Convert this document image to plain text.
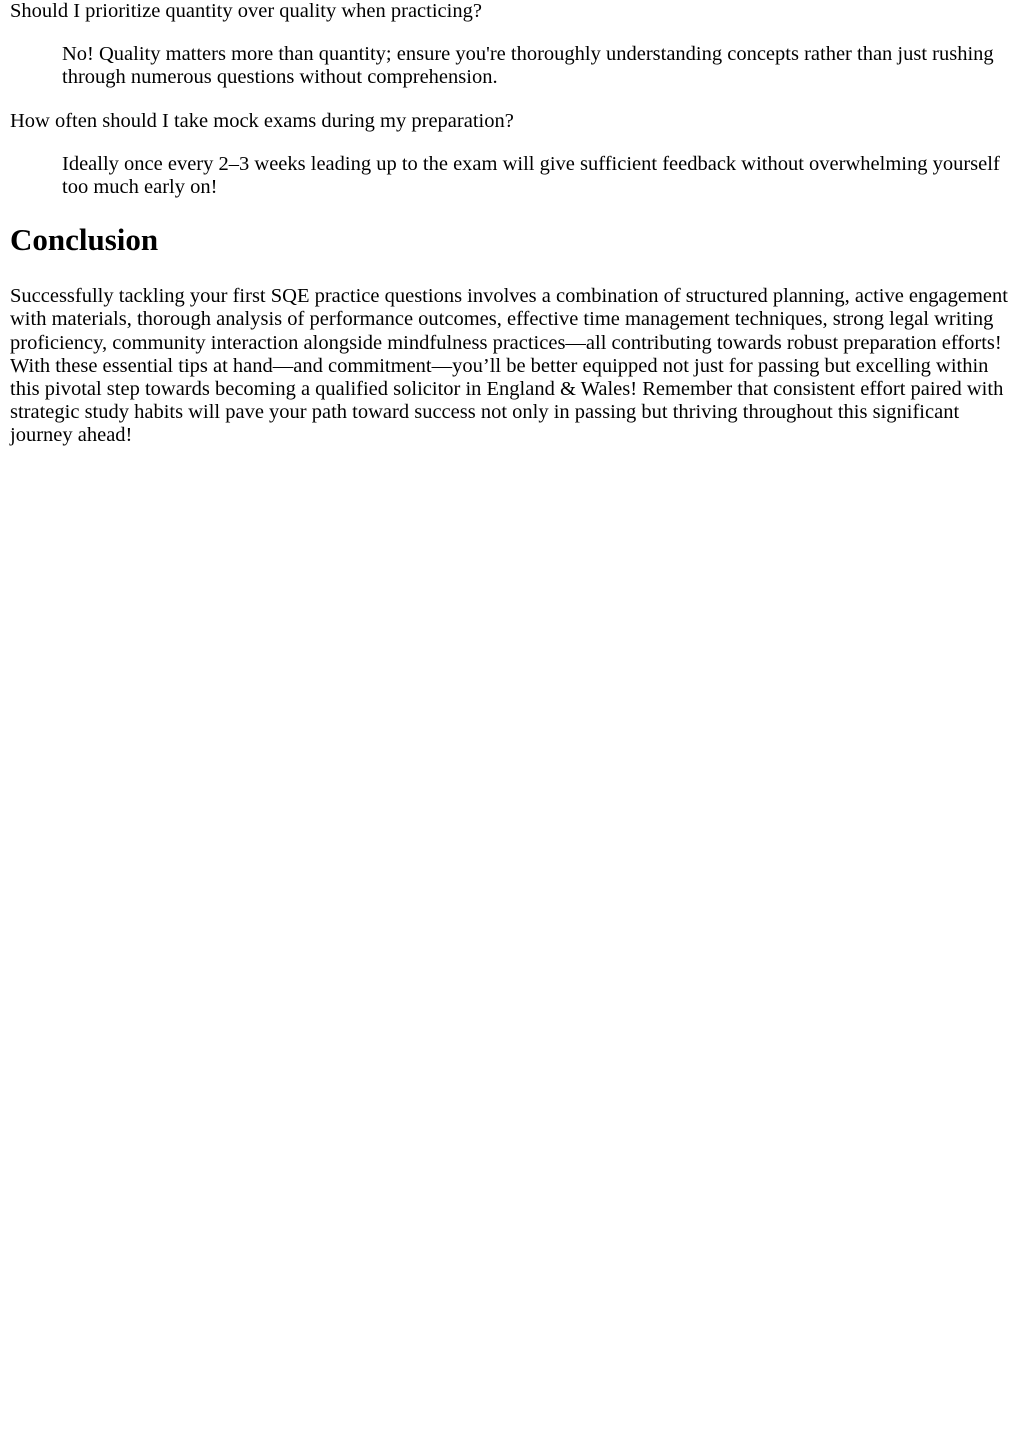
Should I prioritize quantity over quality when practicing?
No! Quality matters more than quantity; ensure you're thoroughly understanding concepts rather than just rushing through numerous questions without comprehension.
How often should I take mock exams during my preparation?
Ideally once every 2–3 weeks leading up to the exam will give sufficient feedback without overwhelming yourself too much early on!
Conclusion

Successfully tackling your first SQE practice questions involves a combination of structured planning, active engagement with materials, thorough analysis of performance outcomes, effective time management techniques, strong legal writing proficiency, community interaction alongside mindfulness practices—all contributing towards robust preparation efforts! With these essential tips at hand—and commitment—you’ll be better equipped not just for passing but excelling within this pivotal step towards becoming a qualified solicitor in England & Wales! Remember that consistent effort paired with strategic study habits will pave your path toward success not only in passing but thriving throughout this significant journey ahead!
